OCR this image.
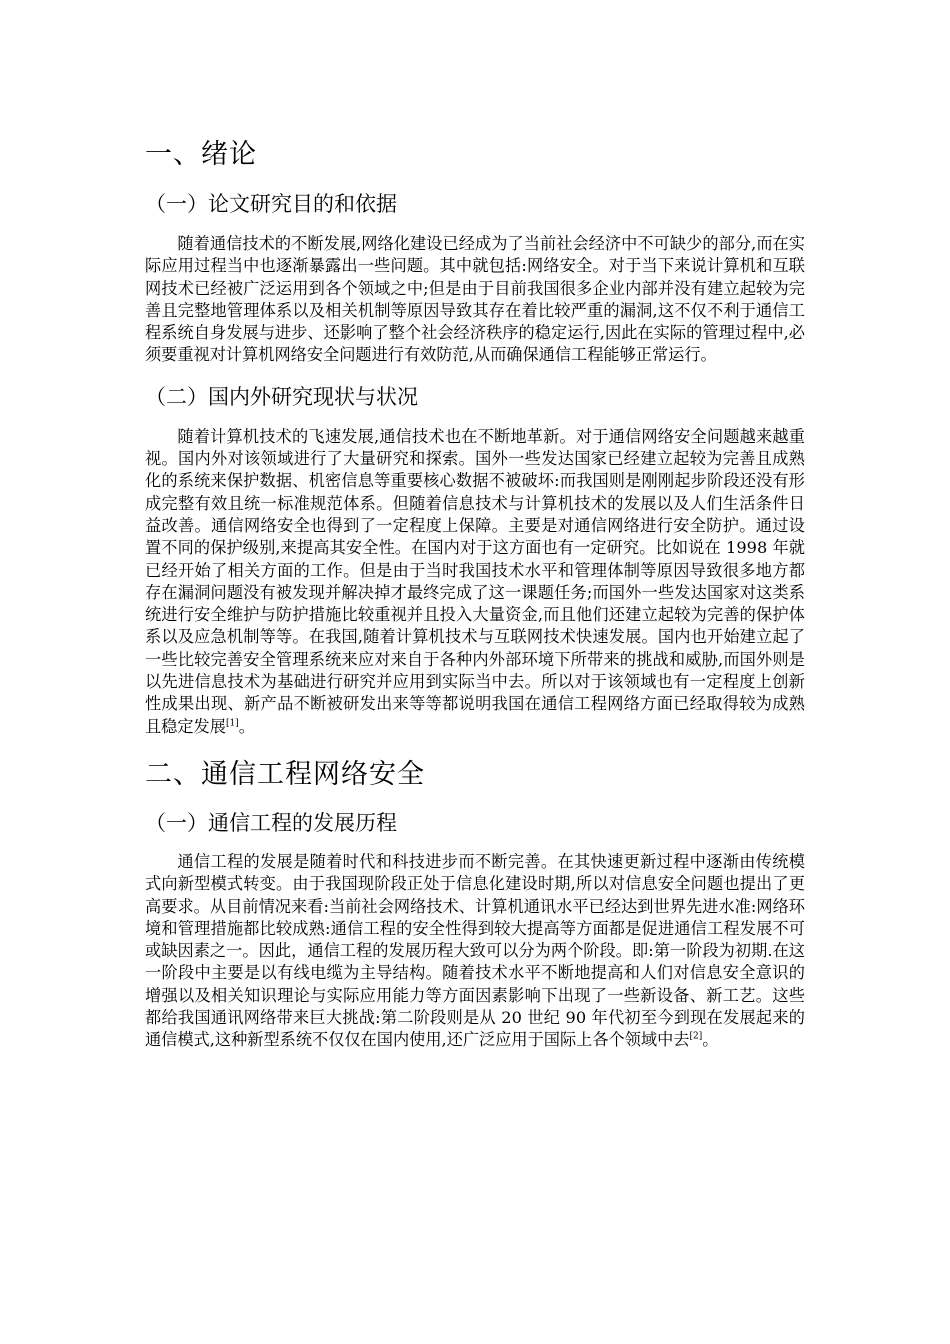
一、绪论
（一）论文研究目的和依据

随着通信技术的不断发展,网络化建设已经成为了当前社会经济中不可缺少的部分,而在实际应用过程当中也逐渐暴露出一些问题。其中就包括:网络安全。对于当下来说计算机和互联网技术已经被广泛运用到各个领域之中;但是由于目前我国很多企业内部并没有建立起较为完善且完整地管理体系以及相关机制等原因导致其存在着比较严重的漏洞,这不仅不利于通信工程系统自身发展与进步、还影响了整个社会经济秩序的稳定运行,因此在实际的管理过程中,必须要重视对计算机网络安全问题进行有效防范,从而确保通信工程能够正常运行。

（二）国内外研究现状与状况

随着计算机技术的飞速发展,通信技术也在不断地革新。对于通信网络安全问题越来越重视。国内外对该领域进行了大量研究和探索。国外一些发达国家已经建立起较为完善且成熟化的系统来保护数据、机密信息等重要核心数据不被破坏:而我国则是刚刚起步阶段还没有形成完整有效且统一标准规范体系。但随着信息技术与计算机技术的发展以及人们生活条件日益改善。通信网络安全也得到了一定程度上保障。主要是对通信网络进行安全防护。通过设置不同的保护级别,来提高其安全性。在国内对于这方面也有一定研究。比如说在 1998 年就已经开始了相关方面的工作。但是由于当时我国技术水平和管理体制等原因导致很多地方都存在漏洞问题没有被发现并解决掉才最终完成了这一课题任务;而国外一些发达国家对这类系统进行安全维护与防护措施比较重视并且投入大量资金,而且他们还建立起较为完善的保护体系以及应急机制等等。在我国,随着计算机技术与互联网技术快速发展。国内也开始建立起了一些比较完善安全管理系统来应对来自于各种内外部环境下所带来的挑战和威胁,而国外则是以先进信息技术为基础进行研究并应用到实际当中去。所以对于该领域也有一定程度上创新性成果出现、新产品不断被研发出来等等都说明我国在通信工程网络方面已经取得较为成熟且稳定发展[1]。

二、通信工程网络安全
（一）通信工程的发展历程

通信工程的发展是随着时代和科技进步而不断完善。在其快速更新过程中逐渐由传统模式向新型模式转变。由于我国现阶段正处于信息化建设时期,所以对信息安全问题也提出了更高要求。从目前情况来看:当前社会网络技术、计算机通讯水平已经达到世界先进水准:网络环境和管理措施都比较成熟:通信工程的安全性得到较大提高等方面都是促进通信工程发展不可或缺因素之一。因此，通信工程的发展历程大致可以分为两个阶段。即:第一阶段为初期.在这一阶段中主要是以有线电缆为主导结构。随着技术水平不断地提高和人们对信息安全意识的增强以及相关知识理论与实际应用能力等方面因素影响下出现了一些新设备、新工艺。这些都给我国通讯网络带来巨大挑战:第二阶段则是从 20 世纪 90 年代初至今到现在发展起来的通信模式,这种新型系统不仅仅在国内使用,还广泛应用于国际上各个领域中去[2]。
